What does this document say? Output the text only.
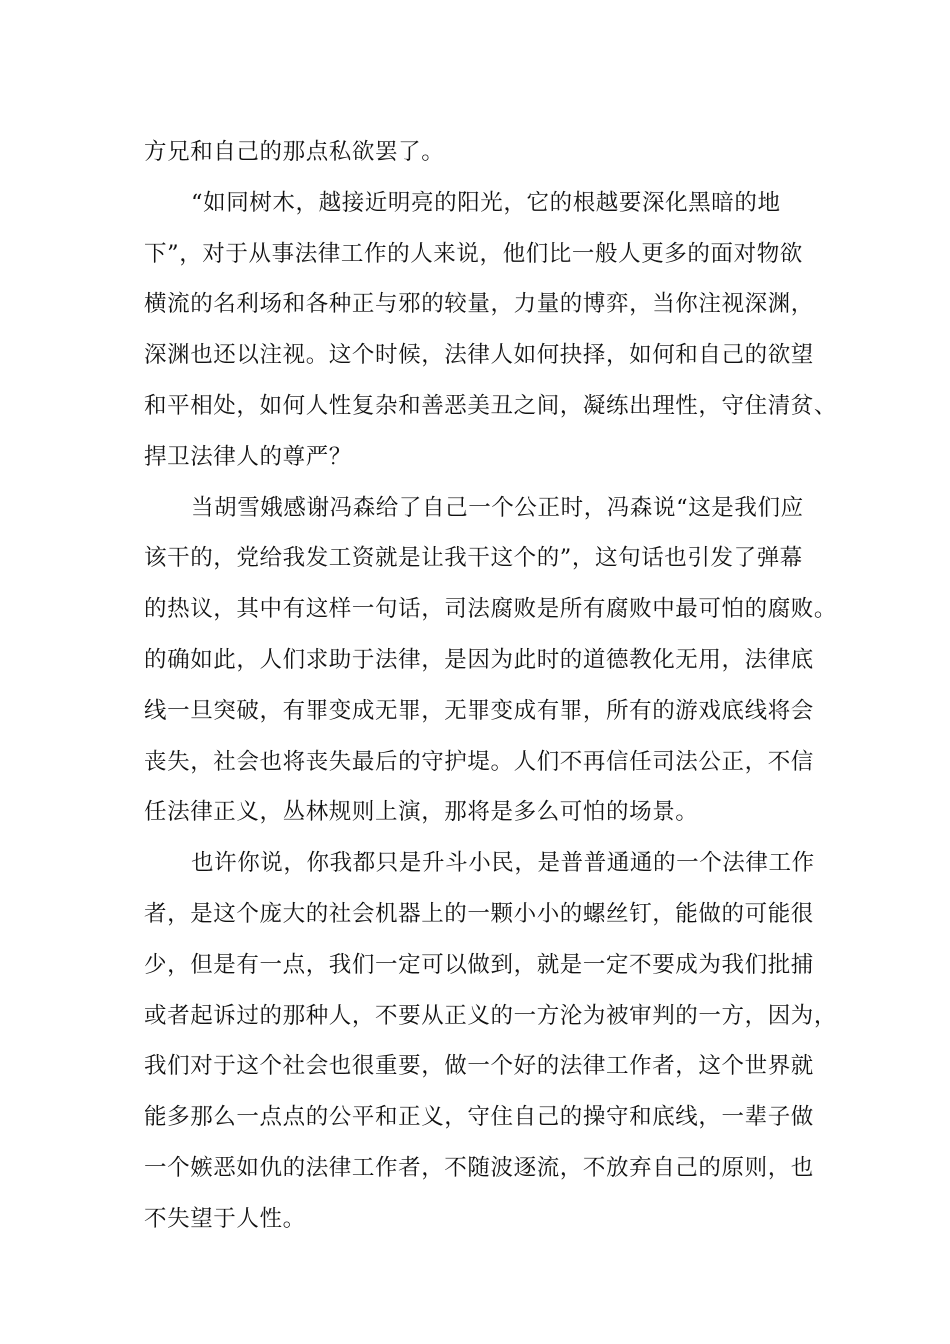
方兄和自己的那点私欲罢了。
“如同树木，越接近明亮的阳光，它的根越要深化黑暗的地
下”，对于从事法律工作的人来说，他们比一般人更多的面对物欲
横流的名利场和各种正与邪的较量，力量的博弈，当你注视深渊，
深渊也还以注视。这个时候，法律人如何抉择，如何和自己的欲望
和平相处，如何人性复杂和善恶美丑之间，凝练出理性，守住清贫、
捍卫法律人的尊严？
当胡雪娥感谢冯森给了自己一个公正时，冯森说“这是我们应
该干的，党给我发工资就是让我干这个的”，这句话也引发了弹幕
的热议，其中有这样一句话，司法腐败是所有腐败中最可怕的腐败。
的确如此，人们求助于法律，是因为此时的道德教化无用，法律底
线一旦突破，有罪变成无罪，无罪变成有罪，所有的游戏底线将会
丧失，社会也将丧失最后的守护堤。人们不再信任司法公正，不信
任法律正义，丛林规则上演，那将是多么可怕的场景。
也许你说，你我都只是升斗小民，是普普通通的一个法律工作
者，是这个庞大的社会机器上的一颗小小的螺丝钉，能做的可能很
少，但是有一点，我们一定可以做到，就是一定不要成为我们批捕
或者起诉过的那种人，不要从正义的一方沦为被审判的一方，因为，
我们对于这个社会也很重要，做一个好的法律工作者，这个世界就
能多那么一点点的公平和正义，守住自己的操守和底线，一辈子做
一个嫉恶如仇的法律工作者，不随波逐流，不放弃自己的原则，也
不失望于人性。
